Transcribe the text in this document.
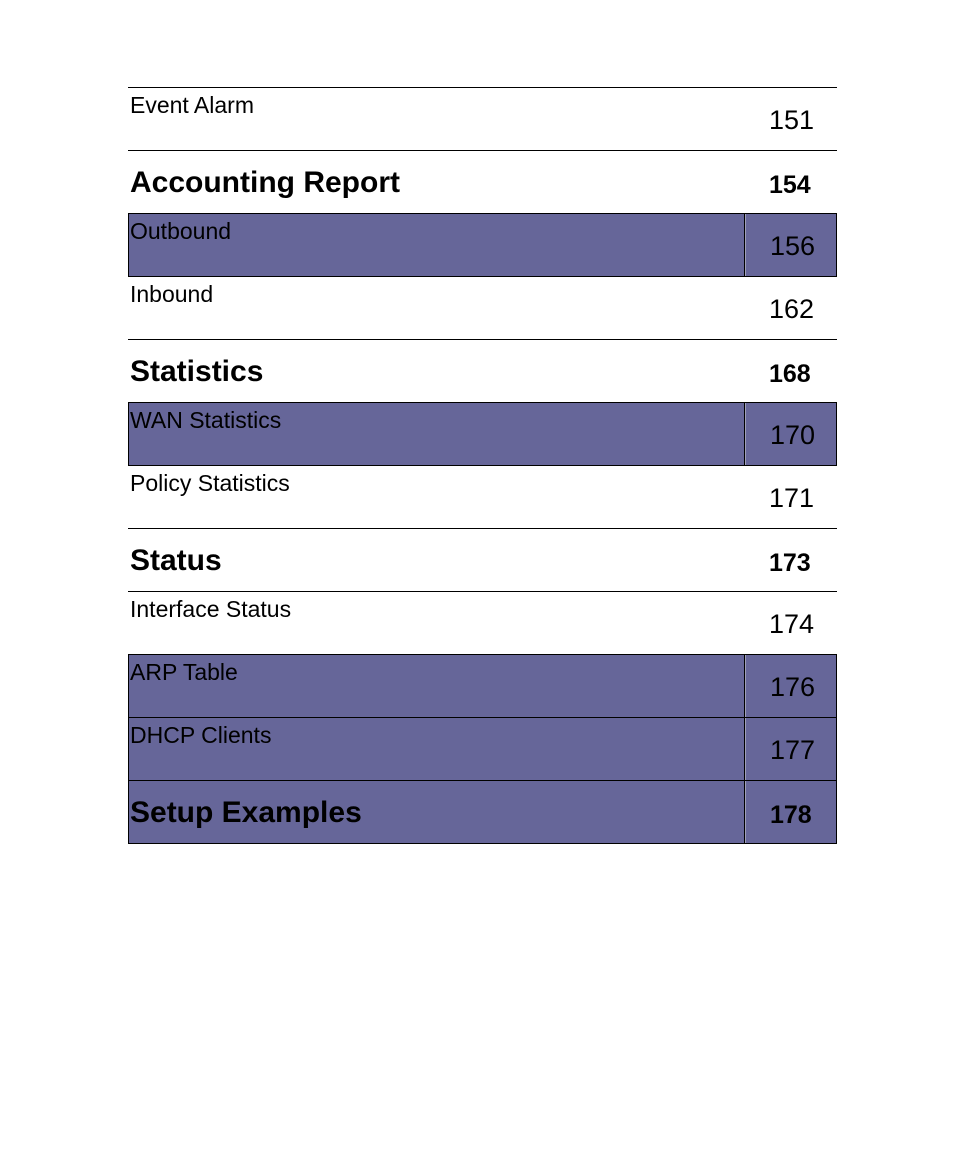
Event Alarm	151
Accounting Report	154
Outbound	156
Inbound	162
Statistics	168
WAN Statistics	170
Policy Statistics	171
Status	173
Interface Status	174
ARP Table	176
DHCP Clients	177
Setup Examples	178
